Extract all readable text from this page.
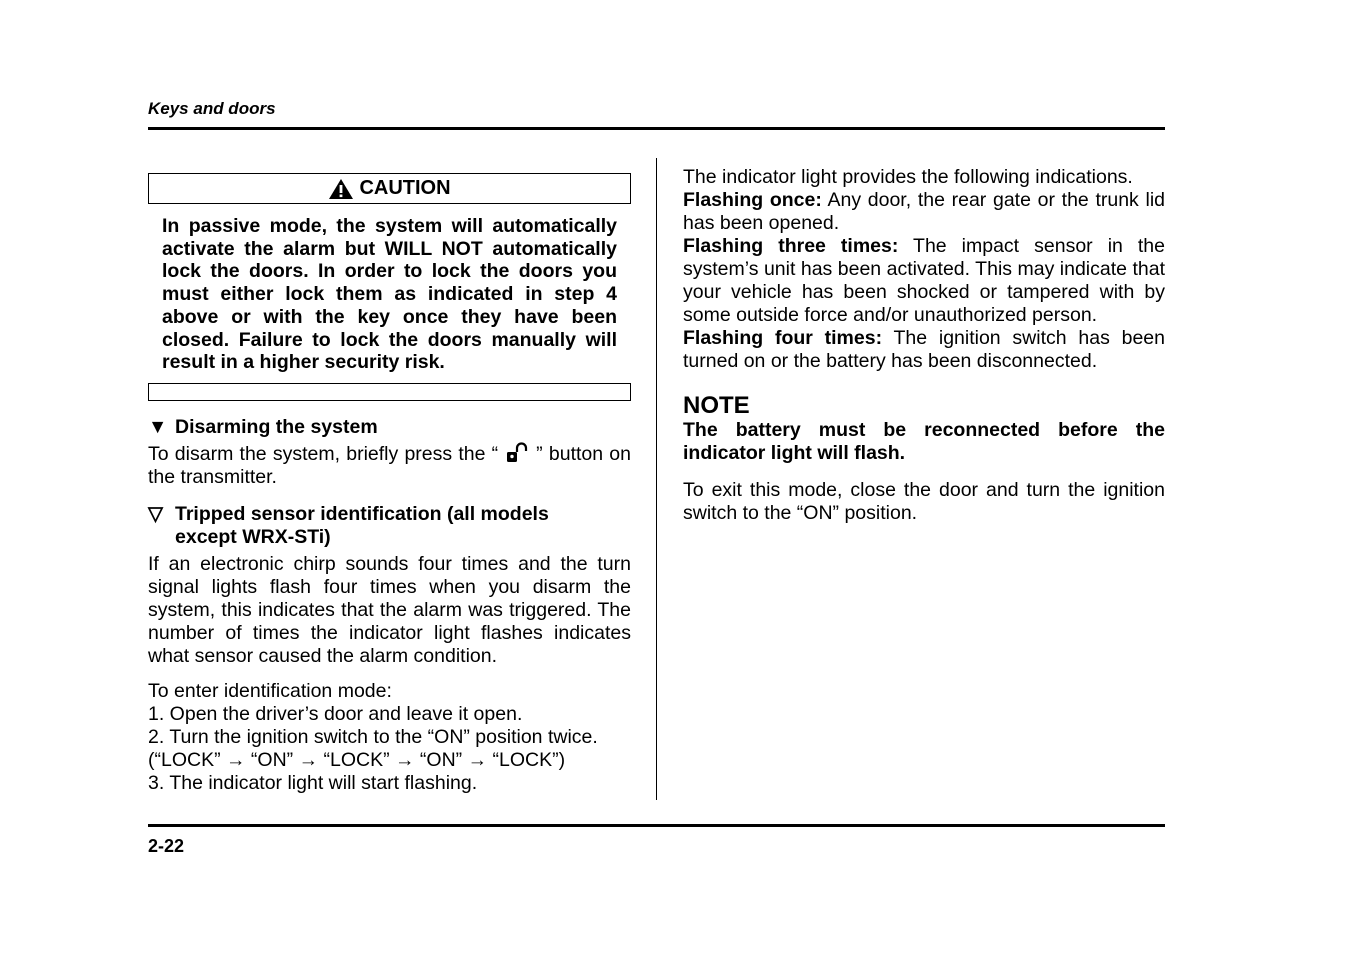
Keys and doors
CAUTION

In passive mode, the system will automatically activate the alarm but WILL NOT automatically lock the doors. In order to lock the doors you must either lock them as indicated in step 4 above or with the key once they have been closed. Failure to lock the doors manually will result in a higher security risk.

▼ Disarming the system

To disarm the system, briefly press the “ ” button on the transmitter.

▽ Tripped sensor identification (all models except WRX-STi)

If an electronic chirp sounds four times and the turn signal lights flash four times when you disarm the system, this indicates that the alarm was triggered. The number of times the indicator light flashes indicates what sensor caused the alarm condition.

To enter identification mode:

1. Open the driver’s door and leave it open.

2. Turn the ignition switch to the “ON” position twice. (“LOCK” → “ON” → “LOCK” → “ON” → “LOCK”)

3. The indicator light will start flashing.

The indicator light provides the following indications.

Flashing once: Any door, the rear gate or the trunk lid has been opened.

Flashing three times: The impact sensor in the system’s unit has been activated. This may indicate that your vehicle has been shocked or tampered with by some outside force and/or unauthorized person.

Flashing four times: The ignition switch has been turned on or the battery has been disconnected.

NOTE

The battery must be reconnected before the indicator light will flash.

To exit this mode, close the door and turn the ignition switch to the “ON” position.

2-22
